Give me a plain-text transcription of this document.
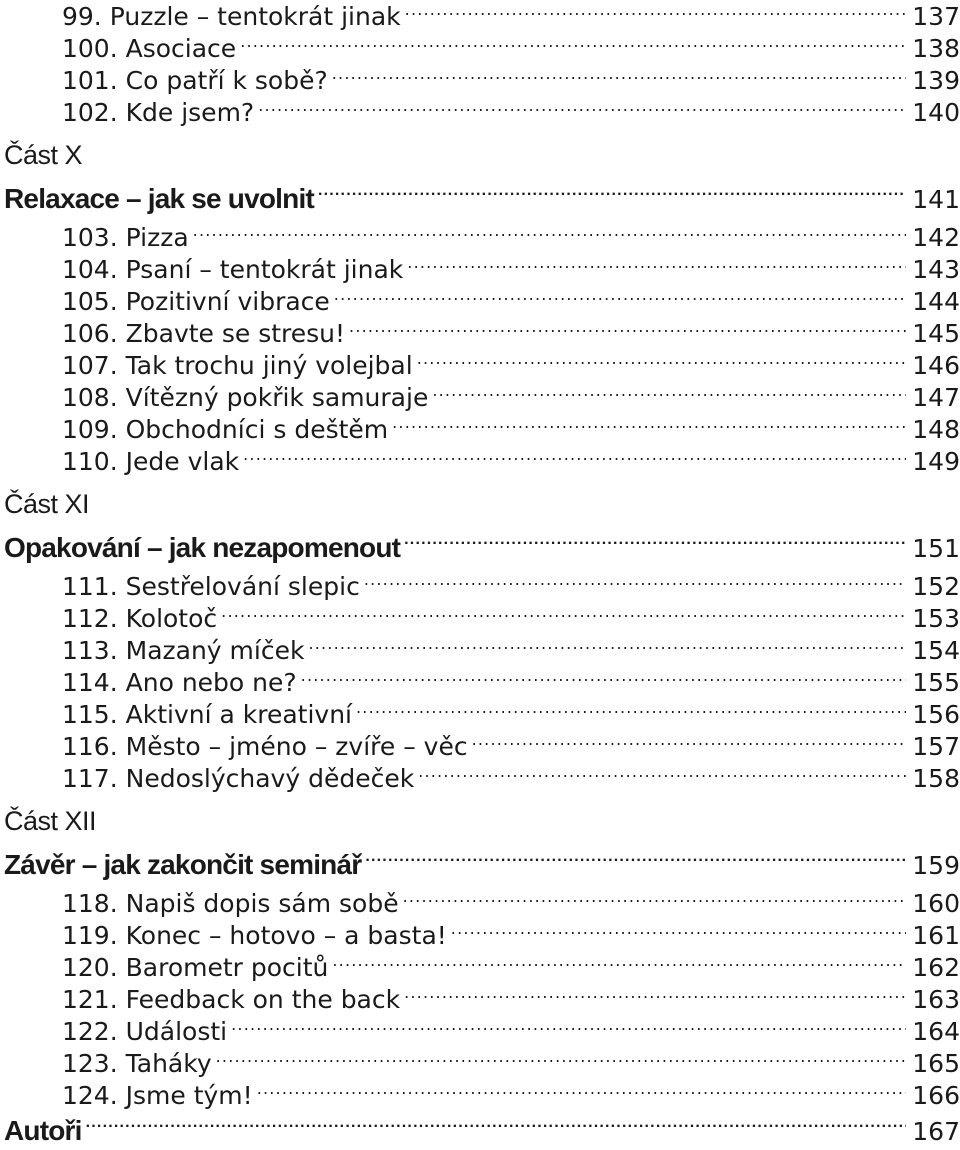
99. Puzzle – tentokrát jinak .....	137
100. Asociace .....	138
101. Co patří k sobě? .....	139
102. Kde jsem? .....	140
Část X
Relaxace – jak se uvolnit .....	141
103. Pizza .....	142
104. Psaní – tentokrát jinak .....	143
105. Pozitivní vibrace .....	144
106. Zbavte se stresu! .....	145
107. Tak trochu jiný volejbal .....	146
108. Vítězný pokřik samuraje .....	147
109. Obchodníci s deštěm .....	148
110. Jede vlak .....	149
Část XI
Opakování – jak nezapomenout .....	151
111. Sestřelování slepic .....	152
112. Kolotoč .....	153
113. Mazaný míček .....	154
114. Ano nebo ne? .....	155
115. Aktivní a kreativní .....	156
116. Město – jméno – zvíře – věc .....	157
117. Nedoslýchavý dědeček .....	158
Část XII
Závěr – jak zakončit seminář .....	159
118. Napiš dopis sám sobě .....	160
119. Konec – hotovo – a basta! .....	161
120. Barometr pocitů .....	162
121. Feedback on the back .....	163
122. Události .....	164
123. Taháky .....	165
124. Jsme tým! .....	166
Autoři .....	167
